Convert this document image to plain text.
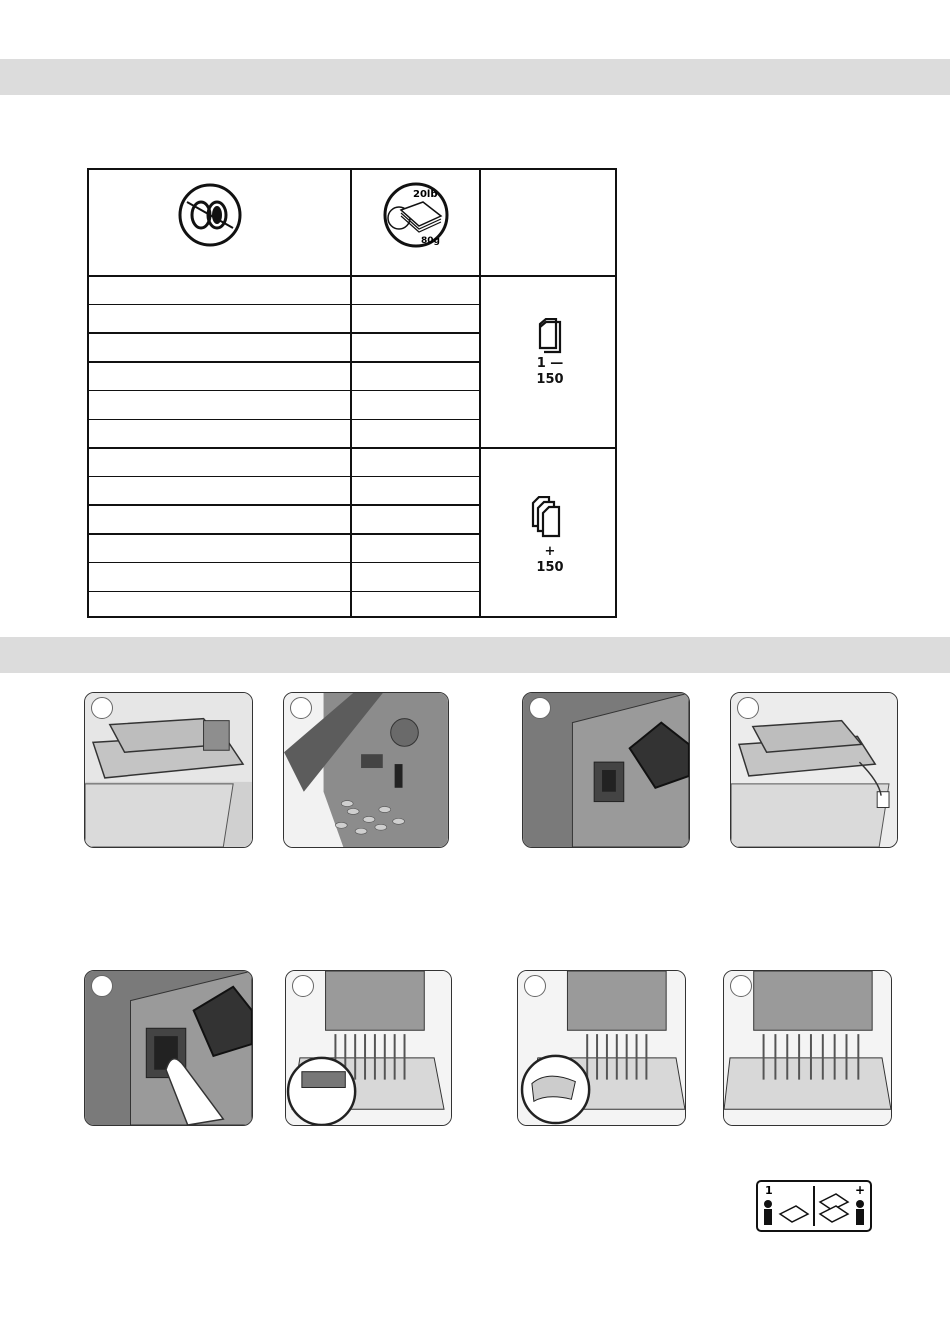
20lb
80g
1 —
150
+
150
1	+
